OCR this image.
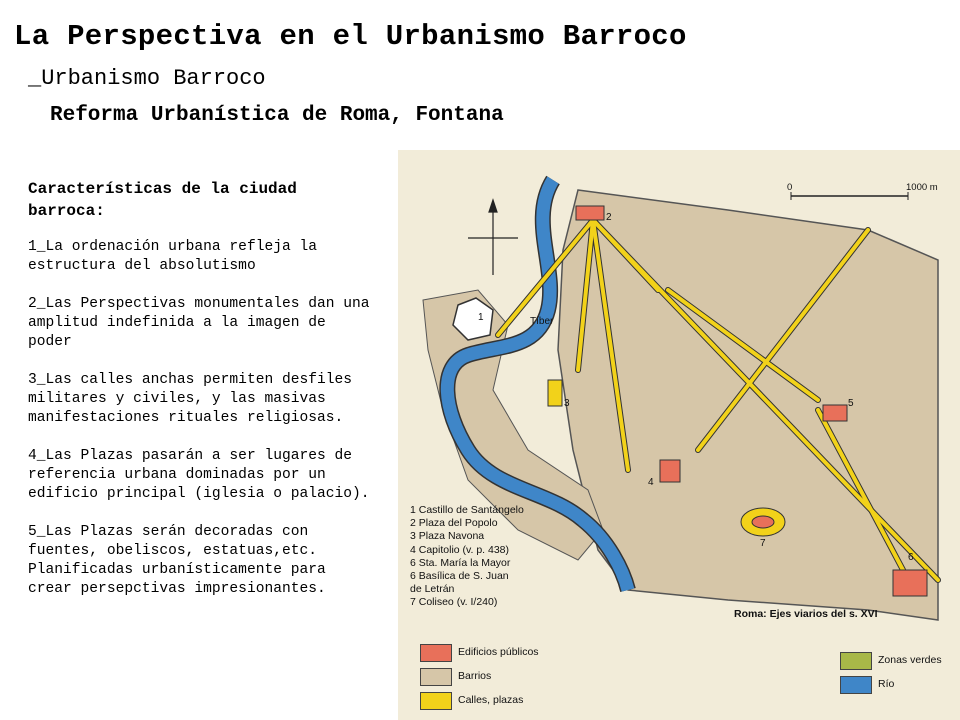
La Perspectiva en el Urbanismo Barroco
_Urbanismo Barroco
Reforma Urbanística de Roma, Fontana
Características de la ciudad barroca:

1_La ordenación urbana refleja la estructura del absolutismo

2_Las Perspectivas monumentales dan una amplitud indefinida a la imagen de poder

3_Las calles anchas permiten desfiles militares y civiles, y las masivas manifestaciones rituales religiosas.

4_Las Plazas pasarán a ser lugares de referencia urbana dominadas por un edificio principal (iglesia o palacio).

5_Las Plazas serán decoradas con fuentes, obeliscos, estatuas,etc. Planificadas urbanísticamente para crear persepctivas impresionantes.

1
2
3
4
5
6
7
Tíber
0	1000 m
1 Castillo de Santángelo
2 Plaza del Popolo
3 Plaza Navona
4 Capitolio (v. p. 438)
6 Sta. María la Mayor
6 Basílica de S. Juan
de Letrán
7 Coliseo (v. I/240)
Roma: Ejes viarios del s. XVI
Edificios públicos
Barrios
Calles, plazas
Zonas verdes
Río
